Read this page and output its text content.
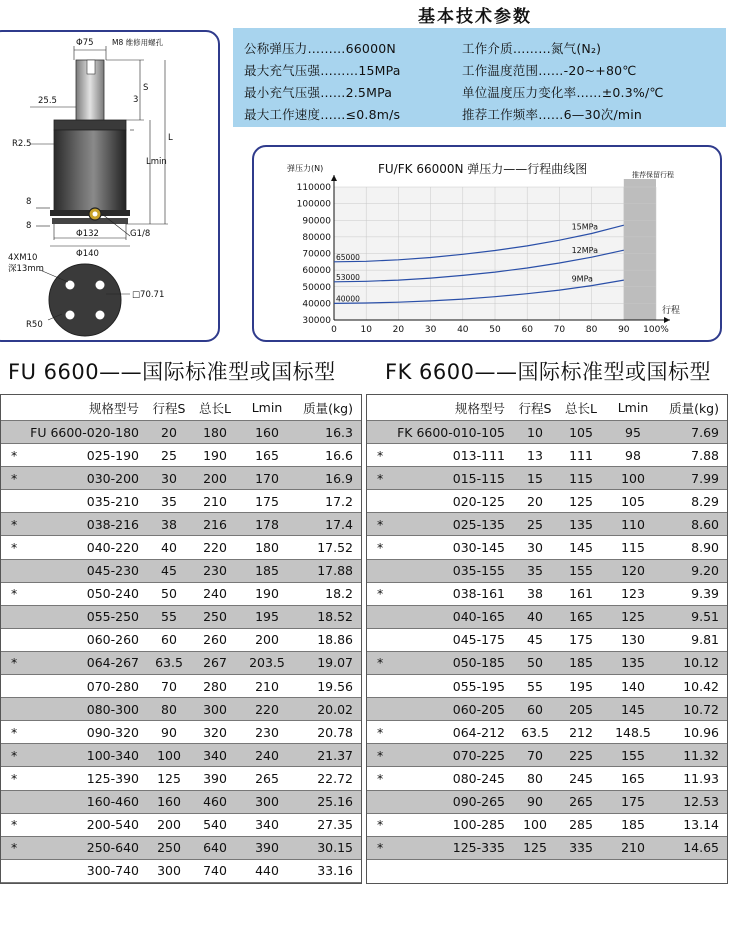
基本技术参数
Φ75 M8 维修用螺孔
25.5	3
S
L
Lmin
R2.5
8
8
Φ132	G1/8
Φ140
4XM10
深13mm
□70.71
R50
公称弹压力………66000N	工作介质………氮气(N₂)
最大充气压强………15MPa	工作温度范围……-20~+80℃
最小充气压强……2.5MPa	单位温度压力变化率……±0.3%/℃
最大工作速度……≤0.8m/s	推荐工作频率……6—30次/min
30000
40000
50000
60000
70000
80000
90000
100000
110000
0	10 20 30 40 50 60 70 80 90 100%
65000
15MPa
53000
12MPa
40000
9MPa
FU/FK 66000N 弹压力——行程曲线图
弹压力(N)
行程
推荐保留行程
FU 6600——国际标准型或国标型 FK 6600——国际标准型或国标型
规格型号	行程S	总长L	Lmin	质量(kg)
FU 6600-020-180	20	180	160	16.3
*	025-190	25	190	165	16.6
*	030-200	30	200	170	16.9
035-210	35	210	175	17.2
*	038-216	38	216	178	17.4
*	040-220	40	220	180	17.52
045-230	45	230	185	17.88
*	050-240	50	240	190	18.2
055-250	55	250	195	18.52
060-260	60	260	200	18.86
*	064-267	63.5	267	203.5	19.07
070-280	70	280	210	19.56
080-300	80	300	220	20.02
*	090-320	90	320	230	20.78
*	100-340	100	340	240	21.37
*	125-390	125	390	265	22.72
160-460	160	460	300	25.16
*	200-540	200	540	340	27.35
*	250-640	250	640	390	30.15
300-740	300	740	440	33.16
规格型号	行程S	总长L	Lmin	质量(kg)
FK 6600-010-105	10	105	95	7.69
*	013-111	13	111	98	7.88
*	015-115	15	115	100	7.99
020-125	20	125	105	8.29
*	025-135	25	135	110	8.60
*	030-145	30	145	115	8.90
035-155	35	155	120	9.20
*	038-161	38	161	123	9.39
040-165	40	165	125	9.51
045-175	45	175	130	9.81
*	050-185	50	185	135	10.12
055-195	55	195	140	10.42
060-205	60	205	145	10.72
*	064-212	63.5	212	148.5	10.96
*	070-225	70	225	155	11.32
*	080-245	80	245	165	11.93
090-265	90	265	175	12.53
*	100-285	100	285	185	13.14
*	125-335	125	335	210	14.65
